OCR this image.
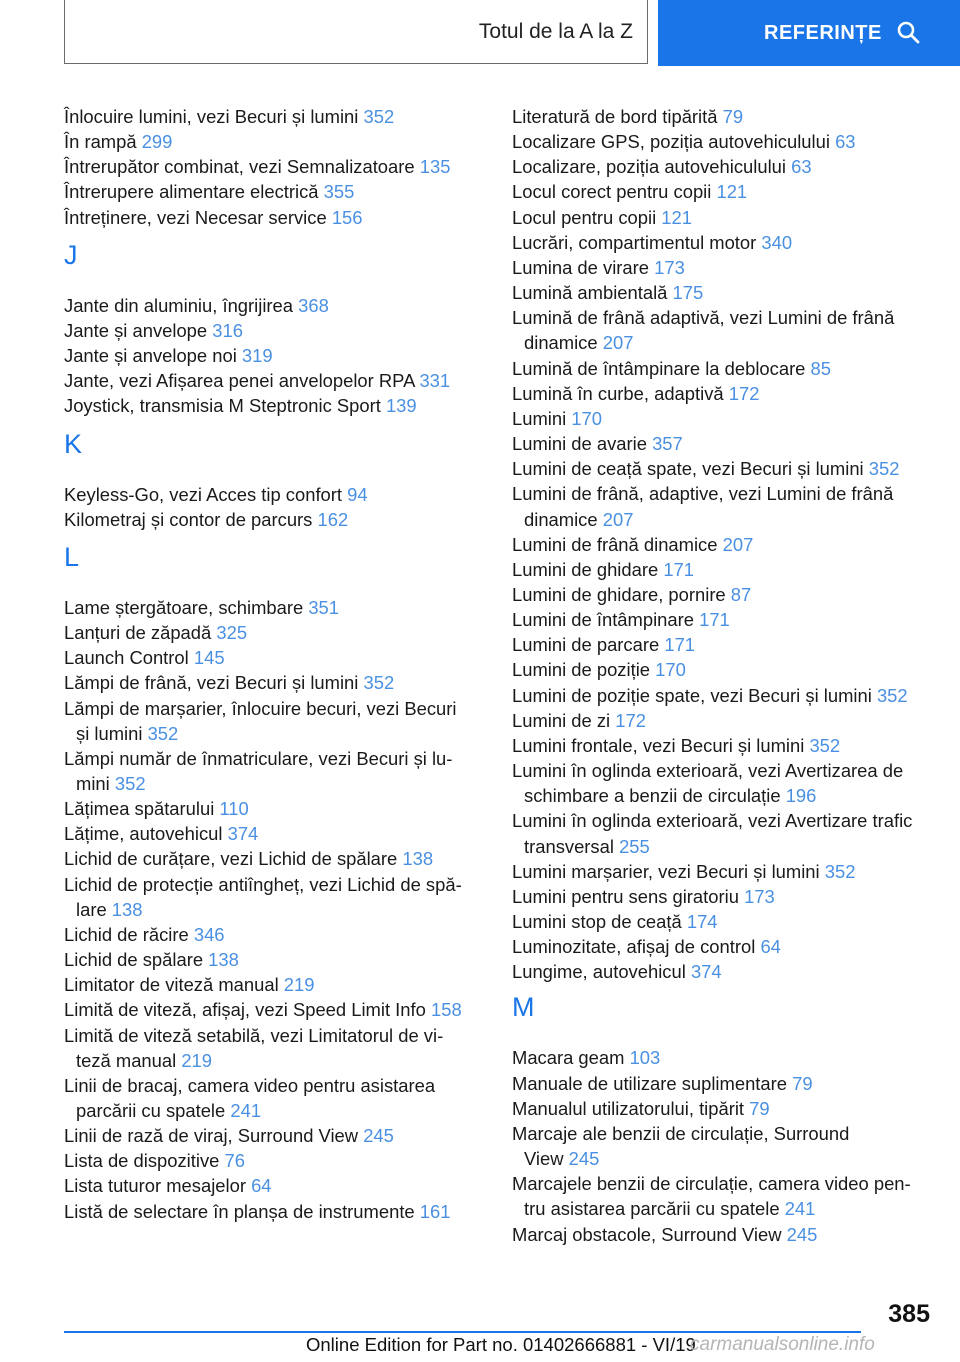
Totul de la A la Z	REFERINȚE
Înlocuire lumini, vezi Becuri și lumini 352
În rampă 299
Întrerupător combinat, vezi Semnalizatoare 135
Întrerupere alimentare electrică 355
Întreținere, vezi Necesar service 156
J
Jante din aluminiu, îngrijirea 368
Jante și anvelope 316
Jante și anvelope noi 319
Jante, vezi Afișarea penei anvelopelor RPA 331
Joystick, transmisia M Steptronic Sport 139
K
Keyless-Go, vezi Acces tip confort 94
Kilometraj și contor de parcurs 162
L
Lame ștergătoare, schimbare 351
Lanțuri de zăpadă 325
Launch Control 145
Lămpi de frână, vezi Becuri și lumini 352
Lămpi de marșarier, înlocuire becuri, vezi Becuri
și lumini 352
Lămpi număr de înmatriculare, vezi Becuri și lu-
mini 352
Lățimea spătarului 110
Lățime, autovehicul 374
Lichid de curățare, vezi Lichid de spălare 138
Lichid de protecție antiîngheț, vezi Lichid de spă-
lare 138
Lichid de răcire 346
Lichid de spălare 138
Limitator de viteză manual 219
Limită de viteză, afișaj, vezi Speed Limit Info 158
Limită de viteză setabilă, vezi Limitatorul de vi-
teză manual 219
Linii de bracaj, camera video pentru asistarea
parcării cu spatele 241
Linii de rază de viraj, Surround View 245
Lista de dispozitive 76
Lista tuturor mesajelor 64
Listă de selectare în planșa de instrumente 161
Literatură de bord tipărită 79
Localizare GPS, poziția autovehiculului 63
Localizare, poziția autovehiculului 63
Locul corect pentru copii 121
Locul pentru copii 121
Lucrări, compartimentul motor 340
Lumina de virare 173
Lumină ambientală 175
Lumină de frână adaptivă, vezi Lumini de frână
dinamice 207
Lumină de întâmpinare la deblocare 85
Lumină în curbe, adaptivă 172
Lumini 170
Lumini de avarie 357
Lumini de ceață spate, vezi Becuri și lumini 352
Lumini de frână, adaptive, vezi Lumini de frână
dinamice 207
Lumini de frână dinamice 207
Lumini de ghidare 171
Lumini de ghidare, pornire 87
Lumini de întâmpinare 171
Lumini de parcare 171
Lumini de poziție 170
Lumini de poziție spate, vezi Becuri și lumini 352
Lumini de zi 172
Lumini frontale, vezi Becuri și lumini 352
Lumini în oglinda exterioară, vezi Avertizarea de
schimbare a benzii de circulație 196
Lumini în oglinda exterioară, vezi Avertizare trafic
transversal 255
Lumini marșarier, vezi Becuri și lumini 352
Lumini pentru sens giratoriu 173
Lumini stop de ceață 174
Luminozitate, afișaj de control 64
Lungime, autovehicul 374
M
Macara geam 103
Manuale de utilizare suplimentare 79
Manualul utilizatorului, tipărit 79
Marcaje ale benzii de circulație, Surround
View 245
Marcajele benzii de circulație, camera video pen-
tru asistarea parcării cu spatele 241
Marcaj obstacole, Surround View 245
385
Online Edition for Part no. 01402666881 - VI/19
carmanualsonline.info
